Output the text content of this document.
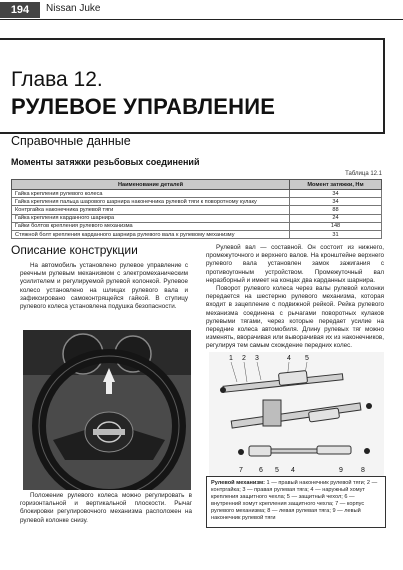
194	Nissan Juke
Глава 12.
РУЛЕВОЕ УПРАВЛЕНИЕ
Справочные данные
Моменты затяжки резьбовых соединений
Таблица 12.1
Наименование деталей	Момент затяжки, Нм
Гайка крепления рулевого колеса	34
Гайка крепления пальца шарового шарнира наконечника рулевой тяги к поворотному кулаку	34
Контргайка наконечника рулевой тяги	88
Гайка крепления карданного шарнира	24
Гайки болтов крепления рулевого механизма	148
Стяжной болт крепления карданного шарнира рулевого вала к рулевому механизму	31
Описание конструкции
На автомобиль установлено рулевое управление с реечным рулевым механизмом с электромеханическим усилителем и регулируемой рулевой колонкой. Рулевое колесо установлено на шлицах рулевого вала и зафиксировано самоконтрящейся гайкой. В ступицу рулевого колеса установлена подушка безопасности.
Положение рулевого колеса можно регулировать в горизонтальной и вертикальной плоскости. Рычаг блокировки регулировочного механизма расположен на рулевой колонке снизу.
Рулевой вал — составной. Он состоит из нижнего, промежуточного и верхнего валов. На кронштейне верхнего рулевого вала установлен замок зажигания с противоугонным устройством. Промежуточный вал неразборный и имеет на концах два карданных шарнира.
Поворот рулевого колеса через валы рулевой колонки передается на шестерню рулевого механизма, которая входит в зацепление с подвижной рейкой. Рейка рулевого механизма соединена с рычагами поворотных кулаков рулевыми тягами, через которые передает усилие на передние колеса автомобиля. Длину рулевых тяг можно изменять, вворачивая или выворачивая их из наконечников, регулируя тем самым схождение передних колес.
1 2 3	4 5
7 6 5 4	9	8
Рулевой механизм: 1 — правый наконечник рулевой тяги; 2 — контргайка; 3 — правая рулевая тяга; 4 — наружный хомут крепления защитного чехла; 5 — защитный чехол; 6 — внутренний хомут крепления защитного чехла; 7 — корпус рулевого механизма; 8 — левая рулевая тяга; 9 — левый наконечник рулевой тяги
